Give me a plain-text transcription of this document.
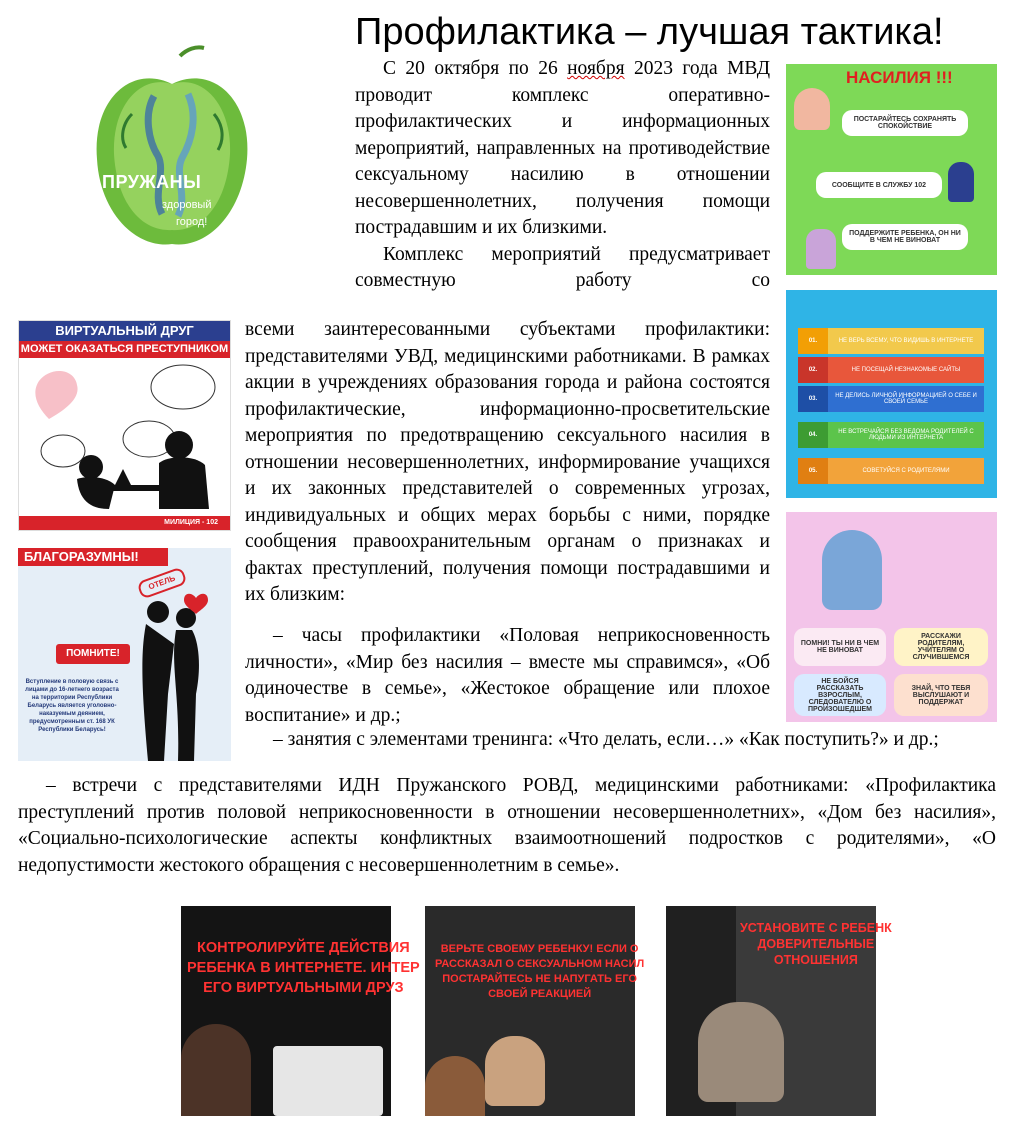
Профилактика – лучшая тактика!
ПРУЖАНЫ
здоровый
город!

С 20 октября по 26 ноября 2023 года МВД проводит комплекс оперативно-профилактических и информационных мероприятий, направленных на противодействие сексуальному насилию в отношении несовершеннолетних, получения помощи пострадавшим и их близкими.

Комплекс мероприятий предусматривает совместную работу со

всеми заинтересованными субъектами профилактики: представителями УВД, медицинскими работниками. В рамках акции в учреждениях образования города и района состоятся профилактические, информационно-просветительские мероприятия по предотвращению сексуального насилия в отношении несовершеннолетних, информирование учащихся и их законных представителей о современных угрозах, индивидуальных и общих мерах борьбы с ними, порядке сообщения правоохранительным органам о признаках и фактах преступлений, получения помощи пострадавшими и их близким:

– часы профилактики «Половая неприкосновенность личности», «Мир без насилия – вместе мы справимся», «Об одиночестве в семье», «Жестокое обращение или плохое воспитание» и др.;

– занятия с элементами тренинга: «Что делать, если…» «Как поступить?» и др.;

– встречи с представителями ИДН Пружанского РОВД, медицинскими работниками: «Профилактика преступлений против половой неприкосновенности в отношении несовершеннолетних», «Дом без насилия», «Социально-психологические аспекты конфликтных взаимоотношений подростков с родителями», «О недопустимости жестокого обращения с несовершеннолетним в семье».

НАСИЛИЯ !!!
ПОСТАРАЙТЕСЬ СОХРАНЯТЬ СПОКОЙСТВИЕ
СООБЩИТЕ В СЛУЖБУ 102
ПОДДЕРЖИТЕ РЕБЕНКА, ОН НИ В ЧЕМ НЕ ВИНОВАТ
01.	НЕ ВЕРЬ ВСЕМУ, ЧТО ВИДИШЬ В ИНТЕРНЕТЕ
02.	НЕ ПОСЕЩАЙ НЕЗНАКОМЫЕ САЙТЫ
03.	НЕ ДЕЛИСЬ ЛИЧНОЙ ИНФОРМАЦИЕЙ О СЕБЕ И СВОЕЙ СЕМЬЕ
04.	НЕ ВСТРЕЧАЙСЯ БЕЗ ВЕДОМА РОДИТЕЛЕЙ С ЛЮДЬМИ ИЗ ИНТЕРНЕТА
05.	СОВЕТУЙСЯ С РОДИТЕЛЯМИ
ПОМНИ! ТЫ НИ В ЧЕМ НЕ ВИНОВАТ
РАССКАЖИ РОДИТЕЛЯМ, УЧИТЕЛЯМ О СЛУЧИВШЕМСЯ
НЕ БОЙСЯ РАССКАЗАТЬ ВЗРОСЛЫМ, СЛЕДОВАТЕЛЮ О ПРОИЗОШЕДШЕМ
ЗНАЙ, ЧТО ТЕБЯ ВЫСЛУШАЮТ И ПОДДЕРЖАТ
ВИРТУАЛЬНЫЙ ДРУГ
МОЖЕТ ОКАЗАТЬСЯ ПРЕСТУПНИКОМ
МИЛИЦИЯ - 102
БЛАГОРАЗУМНЫ!
ОТЕЛЬ
ПОМНИТЕ!
Вступление в половую связь с лицами до 16-летнего возраста на территории Республики Беларусь является уголовно-наказуемым деянием, предусмотренным ст. 168 УК Республики Беларусь!
КОНТРОЛИРУЙТЕ ДЕЙСТВИЯ
РЕБЕНКА В ИНТЕРНЕТЕ. ИНТЕР
ЕГО ВИРТУАЛЬНЫМИ ДРУЗ
ВЕРЬТЕ СВОЕМУ РЕБЕНКУ! ЕСЛИ О
РАССКАЗАЛ О СЕКСУАЛЬНОМ НАСИЛ
ПОСТАРАЙТЕСЬ НЕ НАПУГАТЬ ЕГО
СВОЕЙ РЕАКЦИЕЙ
УСТАНОВИТЕ С РЕБЕНК
ДОВЕРИТЕЛЬНЫЕ
ОТНОШЕНИЯ
